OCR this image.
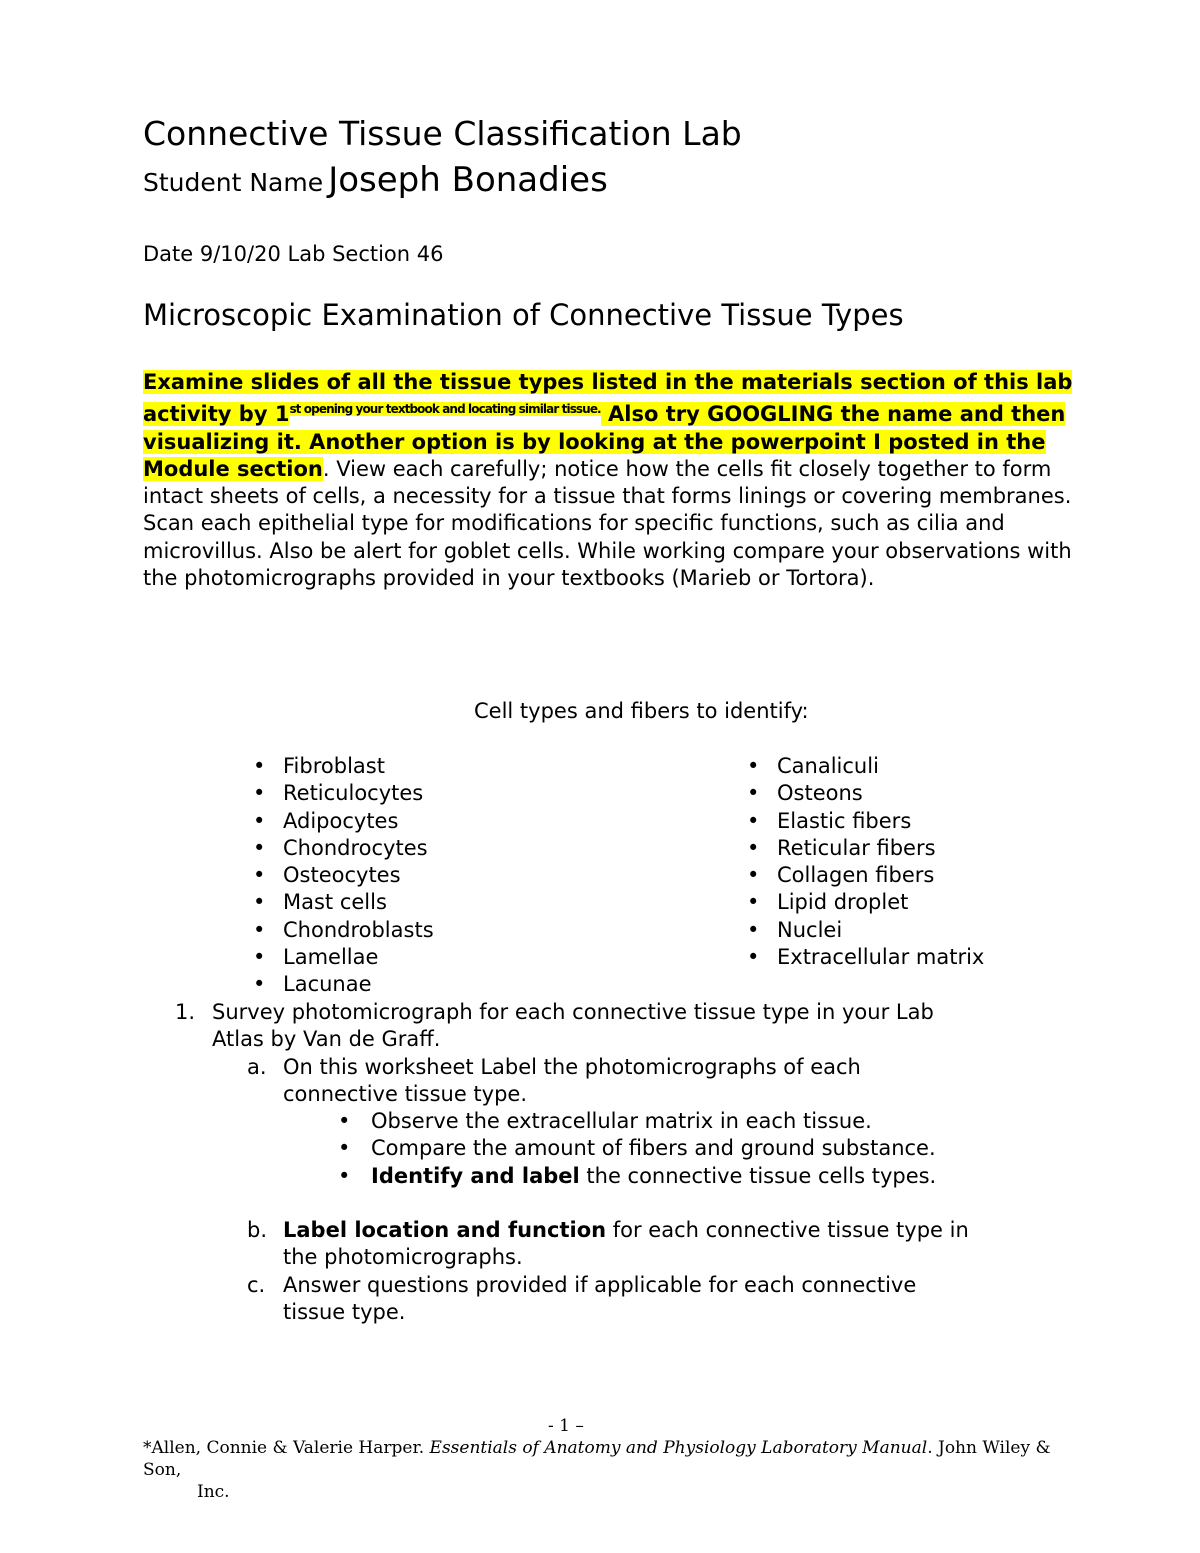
Connective Tissue Classification Lab
Student Name Joseph Bonadies
Date 9/10/20 Lab Section 46
Microscopic Examination of Connective Tissue Types
Examine slides of all the tissue types listed in the materials section of this lab activity by $1^{st opening your textbook and locating similar tissue.}$ Also try GOOGLING the name and then visualizing it. Another option is by looking at the powerpoint I posted in the Module section. View each carefully; notice how the cells fit closely together to form intact sheets of cells, a necessity for a tissue that forms linings or covering membranes. Scan each epithelial type for modifications for specific functions, such as cilia and microvillus. Also be alert for goblet cells. While working compare your observations with the photomicrographs provided in your textbooks (Marieb or Tortora).
Cell types and fibers to identify:
• Fibroblast
• Reticulocytes
• Adipocytes
• Chondrocytes
• Osteocytes
• Mast cells
• Chondroblasts
• Lamellae
• Lacunae
• Canaliculi
• Osteons
• Elastic fibers
• Reticular fibers
• Collagen fibers
• Lipid droplet
• Nuclei
• Extracellular matrix
1. Survey photomicrograph for each connective tissue type in your Lab
Atlas by Van de Graff.
a. On this worksheet Label the photomicrographs of each
connective tissue type.
• Observe the extracellular matrix in each tissue.
• Compare the amount of fibers and ground substance.
• Identify and label the connective tissue cells types.
b. Label location and function for each connective tissue type in
the photomicrographs.
c. Answer questions provided if applicable for each connective
tissue type.
- 1 –
*Allen, Connie & Valerie Harper. Essentials of Anatomy and Physiology Laboratory Manual. John Wiley & Son,
Inc.
